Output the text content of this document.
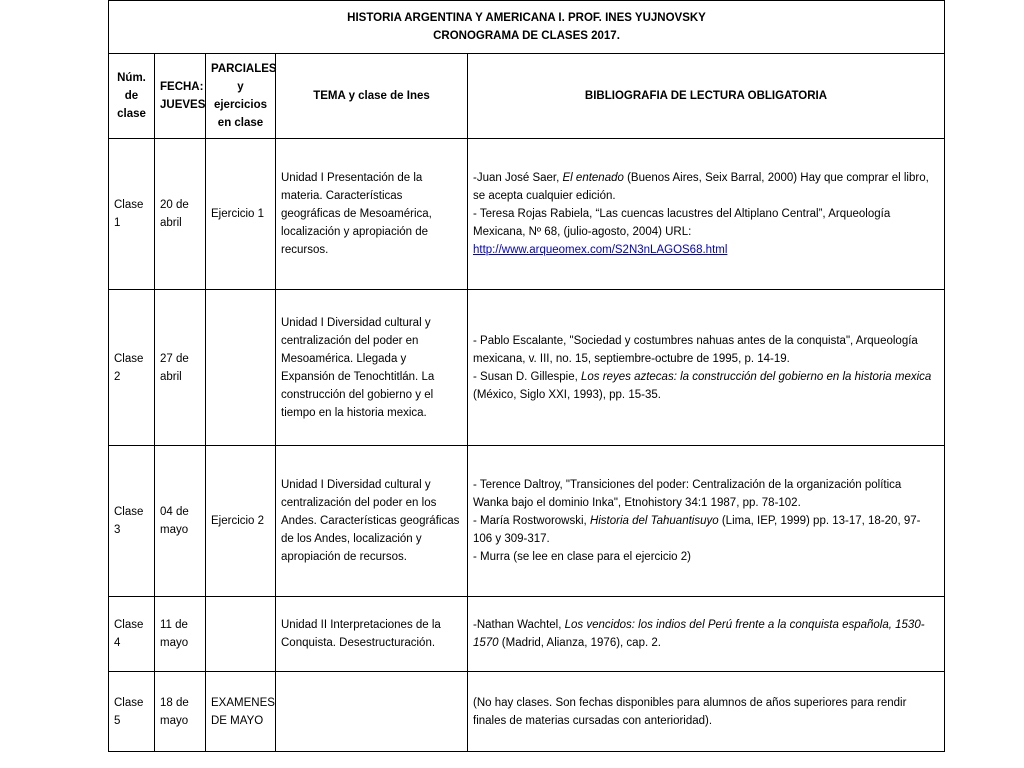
HISTORIA ARGENTINA Y AMERICANA I. PROF. INES YUJNOVSKY
CRONOGRAMA DE CLASES 2017.				

Núm. de clase	FECHA: JUEVES	PARCIALES y ejercicios en clase	TEMA y clase de Ines	BIBLIOGRAFIA DE LECTURA OBLIGATORIA
Clase 1	20 de abril	Ejercicio 1	Unidad I Presentación de la materia. Características geográficas de Mesoamérica, localización y apropiación de recursos.	-Juan José Saer, El entenado (Buenos Aires, Seix Barral, 2000) Hay que comprar el libro, se acepta cualquier edición.
- Teresa Rojas Rabiela, “Las cuencas lacustres del Altiplano Central”, Arqueología Mexicana, Nº 68, (julio-agosto, 2004) URL: http://www.arqueomex.com/S2N3nLAGOS68.html

Clase 2	27 de abril		Unidad I Diversidad cultural y centralización del poder en Mesoamérica. Llegada y Expansión de Tenochtitlán. La construcción del gobierno y el tiempo en la historia mexica.	- Pablo Escalante, "Sociedad y costumbres nahuas antes de la conquista", Arqueología mexicana, v. III, no. 15, septiembre-octubre de 1995, p. 14-19.
- Susan D. Gillespie, Los reyes aztecas: la construcción del gobierno en la historia mexica (México, Siglo XXI, 1993), pp. 15-35.

Clase 3	04 de mayo	Ejercicio 2	Unidad I Diversidad cultural y centralización del poder en los Andes. Características geográficas de los Andes, localización y apropiación de recursos.	- Terence Daltroy, "Transiciones del poder: Centralización de la organización política Wanka bajo el dominio Inka", Etnohistory 34:1 1987, pp. 78-102.
- María Rostworowski, Historia del Tahuantisuyo (Lima, IEP, 1999) pp. 13-17, 18-20, 97-106 y 309-317.
- Murra (se lee en clase para el ejercicio 2)

Clase 4	11 de mayo		Unidad II Interpretaciones de la Conquista. Desestructuración.	-Nathan Wachtel, Los vencidos: los indios del Perú frente a la conquista española, 1530-1570 (Madrid, Alianza, 1976), cap. 2.

Clase 5	18 de mayo	EXAMENES DE MAYO		(No hay clases. Son fechas disponibles para alumnos de años superiores para rendir finales de materias cursadas con anterioridad).
